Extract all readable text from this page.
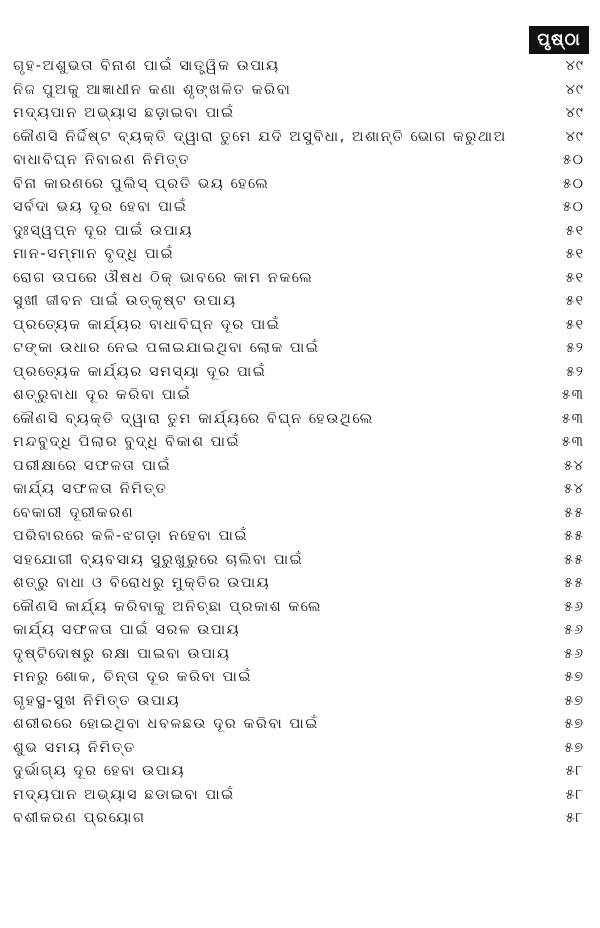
ପୃଷ୍ଠା
ଗୃହ-ଅଶୁଭତା ବିନାଶ ପାଇଁ ସାତ୍ତ୍ୱିକ ଉପାୟ	୪୯
ନିଜ ପୁଅକୁ ଆଜ୍ଞାଧୀନ କଣା ଶୃଙ୍ଖଳିତ କରିବା	୪୯
ମଦ୍ୟପାନ ଅଭ୍ୟାସ ଛଡ଼ାଇବା ପାଇଁ	୪୯
କୌଣସି ନିର୍ଦ୍ଦିଷ୍ଟ ବ୍ୟକ୍ତି ଦ୍ୱାରା ତୁମେ ଯଦି ଅସୁବିଧା, ଅଶାନ୍ତି ଭୋଗ କରୁଥାଅ	୪୯
ବାଧାବିଘ୍ନ ନିବାରଣ ନିମିତ୍ତ	୫୦
ବିନା କାରଣରେ ପୁଲିସ୍ ପ୍ରତି ଭୟ ହେଲେ	୫୦
ସର୍ବଦା ଭୟ ଦୂର ହେବା ପାଇଁ	୫୦
ଦୁଃସ୍ୱପ୍ନ ଦୂର ପାଇଁ ଉପାୟ	୫୧
ମାନ-ସମ୍ମାନ ବୃଦ୍ଧି ପାଇଁ	୫୧
ରୋଗ ଉପରେ ଔଷଧ ଠିକ୍ ଭାବରେ କାମ ନକଲେ	୫୧
ସୁଖୀ ଜୀବନ ପାଇଁ ଉତ୍କୃଷ୍ଟ ଉପାୟ	୫୧
ପ୍ରତ୍ୟେକ କାର୍ଯ୍ୟର ବାଧାବିଘ୍ନ ଦୂର ପାଇଁ	୫୧
ଟଙ୍କା ଉଧାର ନେଇ ପଳାଇଯାଇଥିବା ଲୋକ ପାଇଁ	୫୨
ପ୍ରତ୍ୟେକ କାର୍ଯ୍ୟର ସମସ୍ୟା ଦୂର ପାଇଁ	୫୨
ଶତ୍ରୁବାଧା ଦୂର କରିବା ପାଇଁ	୫୩
କୌଣସି ବ୍ୟକ୍ତି ଦ୍ୱାରା ତୁମ କାର୍ଯ୍ୟରେ ବିଘ୍ନ ହେଉଥିଲେ	୫୩
ମନ୍ଦବୁଦ୍ଧି ପିଲାର ବୁଦ୍ଧି ବିକାଶ ପାଇଁ	୫୩
ପରୀକ୍ଷାରେ ସଫଳତା ପାଇଁ	୫୪
କାର୍ଯ୍ୟ ସଫଳତା ନିମିତ୍ତ	୫୪
ବେକାରୀ ଦୂରୀକରଣ	୫୫
ପରିବାରରେ କଳି-ଝଗଡ଼ା ନହେବା ପାଇଁ	୫୫
ସହଯୋଗୀ ବ୍ୟବସାୟ ସୁରୁଖୁରୁରେ ଚାଲିବା ପାଇଁ	୫୫
ଶତ୍ରୁ ବାଧା ଓ ବିରୋଧରୁ ମୁକ୍ତିର ଉପାୟ	୫୫
କୌଣସି କାର୍ଯ୍ୟ କରିବାକୁ ଅନିଚ୍ଛା ପ୍ରକାଶ କଲେ	୫୬
କାର୍ଯ୍ୟ ସଫଳତା ପାଇଁ ସରଳ ଉପାୟ	୫୬
ଦୃଷ୍ଟିଦୋଷରୁ ରକ୍ଷା ପାଇବା ଉପାୟ	୫୬
ମନରୁ ଶୋକ, ଚିନ୍ତା ଦୂର କରିବା ପାଇଁ	୫୭
ଗୃହସ୍ଥ-ସୁଖ ନିମିତ୍ତ ଉପାୟ	୫୭
ଶରୀରରେ ହୋଇଥିବା ଧବଳଛଉ ଦୂର କରିବା ପାଇଁ	୫୭
ଶୁଭ ସମୟ ନିମିତ୍ତ	୫୭
ଦୁର୍ଭାଗ୍ୟ ଦୂର ହେବା ଉପାୟ	୫୮
ମଦ୍ୟପାନ ଅଭ୍ୟାସ ଛଡାଇବା ପାଇଁ	୫୮
ବଶୀକରଣ ପ୍ରୟୋଗ	୫୮
